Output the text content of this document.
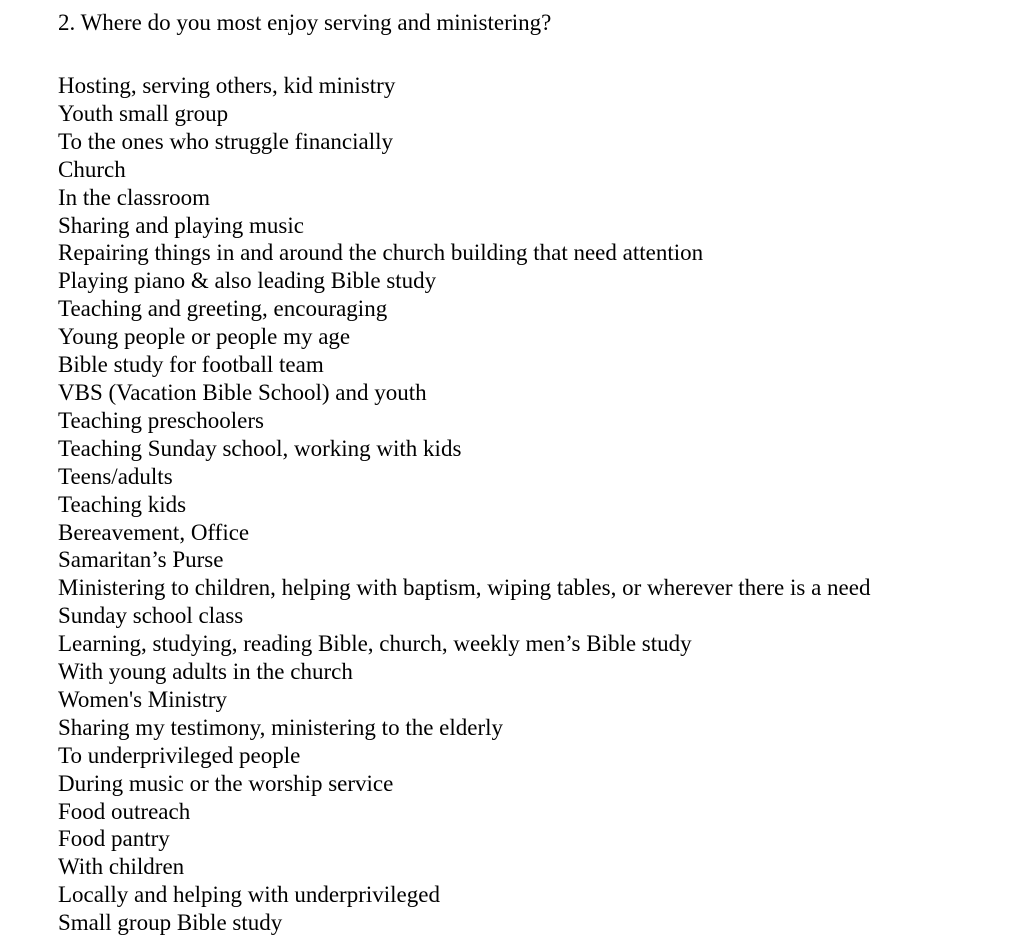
2. Where do you most enjoy serving and ministering?
Hosting, serving others, kid ministry
Youth small group
To the ones who struggle financially
Church
In the classroom
Sharing and playing music
Repairing things in and around the church building that need attention
Playing piano & also leading Bible study
Teaching and greeting, encouraging
Young people or people my age
Bible study for football team
VBS (Vacation Bible School) and youth
Teaching preschoolers
Teaching Sunday school, working with kids
Teens/adults
Teaching kids
Bereavement, Office
Samaritan’s Purse
Ministering to children, helping with baptism, wiping tables, or wherever there is a need
Sunday school class
Learning, studying, reading Bible, church, weekly men’s Bible study
With young adults in the church
Women's Ministry
Sharing my testimony, ministering to the elderly
To underprivileged people
During music or the worship service
Food outreach
Food pantry
With children
Locally and helping with underprivileged
Small group Bible study
